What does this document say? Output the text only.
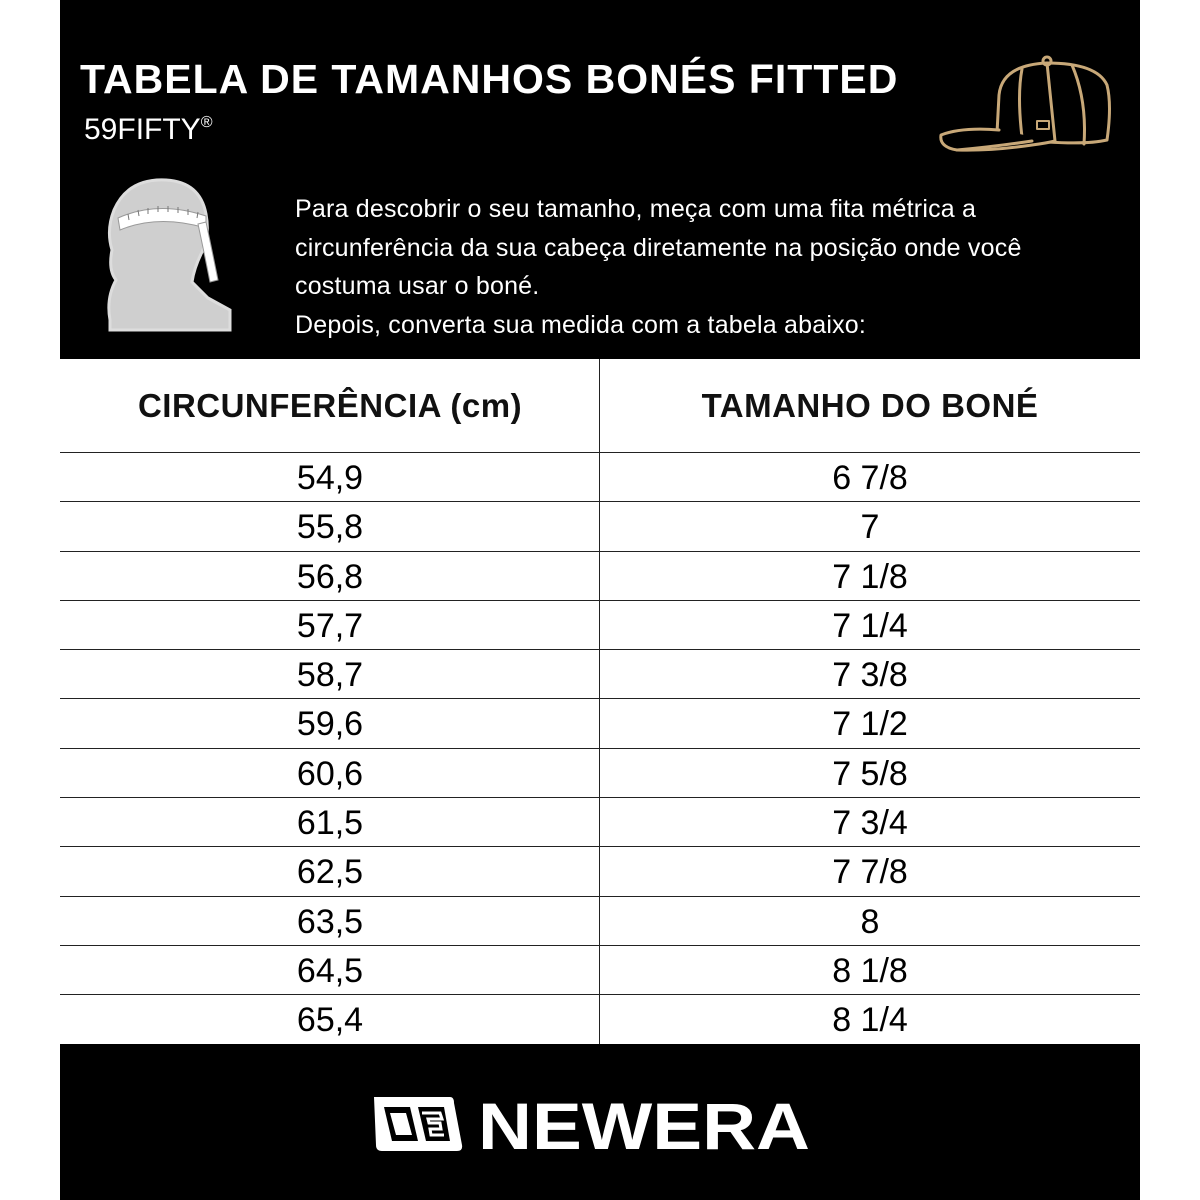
TABELA DE TAMANHOS BONÉS FITTED
59FIFTY®

Para descobrir o seu tamanho, meça com uma fita métrica a

circunferência da sua cabeça diretamente na posição onde você

costuma usar o boné.

Depois, converta sua medida com a tabela abaixo:

CIRCUNFERÊNCIA (cm)	TAMANHO DO BONÉ
54,9	6 7/8
55,8	7
56,8	7 1/8
57,7	7 1/4
58,7	7 3/8
59,6	7 1/2
60,6	7 5/8
61,5	7 3/4
62,5	7 7/8
63,5	8
64,5	8 1/8
65,4	8 1/4
NEWERA
